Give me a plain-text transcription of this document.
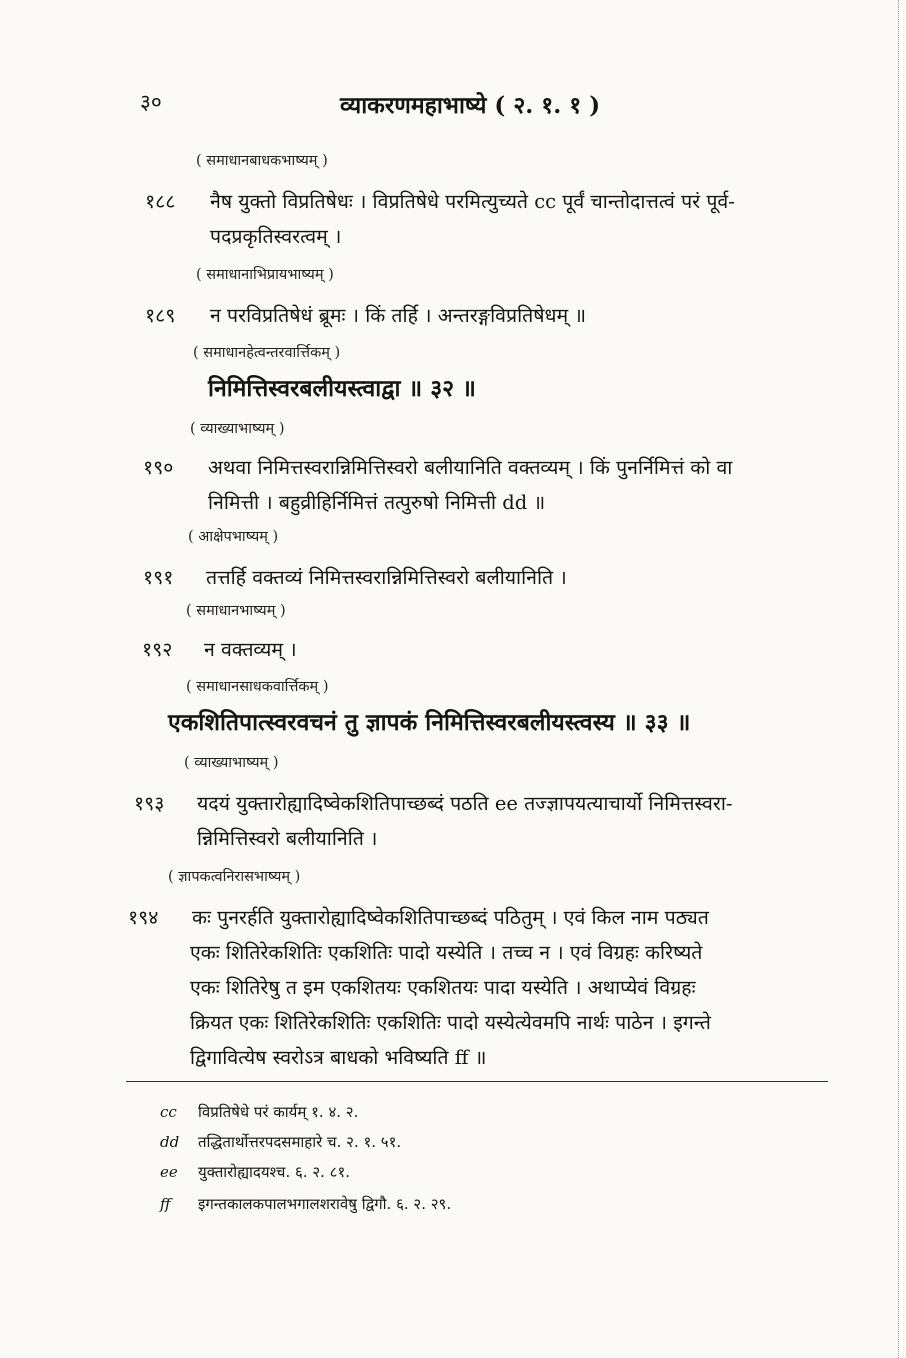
३०	व्याकरणमहाभाष्ये ( २. १. १ )
( समाधानबाधकभाष्यम् )
१८८ नैष युक्तो विप्रतिषेधः । विप्रतिषेधे परमित्युच्यते cc पूर्वं चान्तोदात्तत्वं परं पूर्व-
पदप्रकृतिस्वरत्वम् ।
( समाधानाभिप्रायभाष्यम् )
१८९ न परविप्रतिषेधं ब्रूमः । किं तर्हि । अन्तरङ्गविप्रतिषेधम् ॥
( समाधानहेत्वन्तरवार्त्तिकम् )
निमित्तिस्वरबलीयस्त्वाद्वा ॥ ३२ ॥
( व्याख्याभाष्यम् )
१९० अथवा निमित्तस्वरान्निमित्तिस्वरो बलीयानिति वक्तव्यम् । किं पुनर्निमित्तं को वा
निमित्ती । बहुव्रीहिर्निमित्तं तत्पुरुषो निमित्ती dd ॥
( आक्षेपभाष्यम् )
१९१ तत्तर्हि वक्तव्यं निमित्तस्वरान्निमित्तिस्वरो बलीयानिति ।
( समाधानभाष्यम् )
१९२ न वक्तव्यम् ।
( समाधानसाधकवार्त्तिकम् )
एकशितिपात्स्वरवचनं तु ज्ञापकं निमित्तिस्वरबलीयस्त्वस्य ॥ ३३ ॥
( व्याख्याभाष्यम् )
१९३ यदयं युक्तारोह्यादिष्वेकशितिपाच्छब्दं पठति ee तज्ज्ञापयत्याचार्यो निमित्तस्वरा-
न्निमित्तिस्वरो बलीयानिति ।
( ज्ञापकत्वनिरासभाष्यम् )
१९४ कः पुनरर्हति युक्तारोह्यादिष्वेकशितिपाच्छब्दं पठितुम् । एवं किल नाम पठ्यत
एकः शितिरेकशितिः एकशितिः पादो यस्येति । तच्च न । एवं विग्रहः करिष्यते
एकः शितिरेषु त इम एकशितयः एकशितयः पादा यस्येति । अथाप्येवं विग्रहः
क्रियत एकः शितिरेकशितिः एकशितिः पादो यस्येत्येवमपि नार्थः पाठेन । इगन्ते
द्विगावित्येष स्वरोऽत्र बाधको भविष्यति ff ॥
cc विप्रतिषेधे परं कार्यम् १. ४. २.
dd तद्धितार्थोत्तरपदसमाहारे च. २. १. ५१.
ee युक्तारोह्यादयश्च. ६. २. ८१.
ff इगन्तकालकपालभगालशरावेषु द्विगौ. ६. २. २९.
